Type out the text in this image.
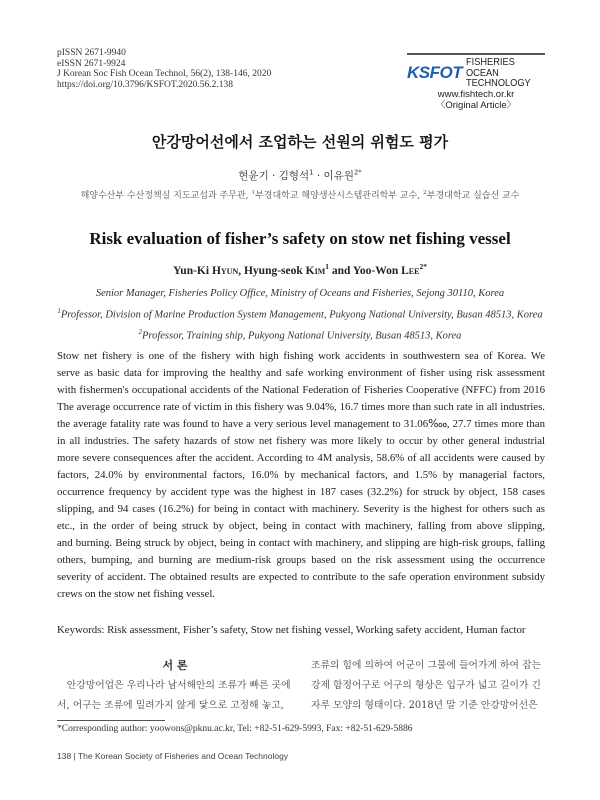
pISSN 2671-9940
eISSN 2671-9924
J Korean Soc Fish Ocean Technol, 56(2), 138-146, 2020
https://doi.org/10.3796/KSFOT.2020.56.2.138
KSFOT
FISHERIES OCEAN
TECHNOLOGY
www.fishtech.or.kr
〈Original Article〉
안강망어선에서 조업하는 선원의 위험도 평가
현윤기 · 김형석$^1$ · 이유원$^{2*}$
해양수산부 수산정책실 지도교섭과 주무관, $^1$부경대학교 해양생산시스템관리학부 교수, $^2$부경대학교 실습선 교수
Risk evaluation of fisher’s safety on stow net fishing vessel
Yun-Ki Hyun, Hyung-seok Kim$^1$ and Yoo-Won Lee$^{2*}$
Senior Manager, Fisheries Policy Office, Ministry of Oceans and Fisheries, Sejong 30110, Korea
$^1$Professor, Division of Marine Production System Management, Pukyong National University, Busan 48513, Korea
$^2$Professor, Training ship, Pukyong National University, Busan 48513, Korea
Stow net fishery is one of the fishery with high fishing work accidents in southwestern sea of Korea. We
serve as basic data for improving the healthy and safe working environment of fisher using risk assessment
with fishermen's occupational accidents of the National Federation of Fisheries Cooperative (NFFC) from 2016
The average occurrence rate of victim in this fishery was 9.04%, 16.7 times more than such rate in all industries.
the average fatality rate was found to have a very serious level management to 31.06‱, 27.7 times more than
in all industries. The safety hazards of stow net fishery was more likely to occur by other general industrial
more severe consequences after the accident. According to 4M analysis, 58.6% of all accidents were caused by
factors, 24.0% by environmental factors, 16.0% by mechanical factors, and 1.5% by managerial factors,
occurrence frequency by accident type was the highest in 187 cases (32.2%) for struck by object, 158 cases
slipping, and 94 cases (16.2%) for being in contact with machinery. Severity is the highest for others such as
etc., in the order of being struck by object, being in contact with machinery, falling from above slipping,
and burning. Being struck by object, being in contact with machinery, and slipping are high-risk groups, falling
others, bumping, and burning are medium-risk groups based on the risk assessment using the occurrence
severity of accident. The obtained results are expected to contribute to the safe operation environment subsidy
crews on the stow net fishing vessel.
Keywords: Risk assessment, Fisher’s safety, Stow net fishing vessel, Working safety accident, Human factor
서 론
　안강망어업은 우리나라 남서해안의 조류가 빠른 곳에
서, 어구는 조류에 밀려가지 않게 닻으로 고정해 놓고,
조류의 힘에 의하여 어군이 그물에 들어가게 하여 잡는
강제 함정어구로 어구의 형상은 입구가 넓고 길이가 긴
자루 모양의 형태이다. 2018년 말 기준 안강망어선은
*Corresponding author: yoowons@pknu.ac.kr, Tel: +82-51-629-5993, Fax: +82-51-629-5886
138 | The Korean Society of Fisheries and Ocean Technology
